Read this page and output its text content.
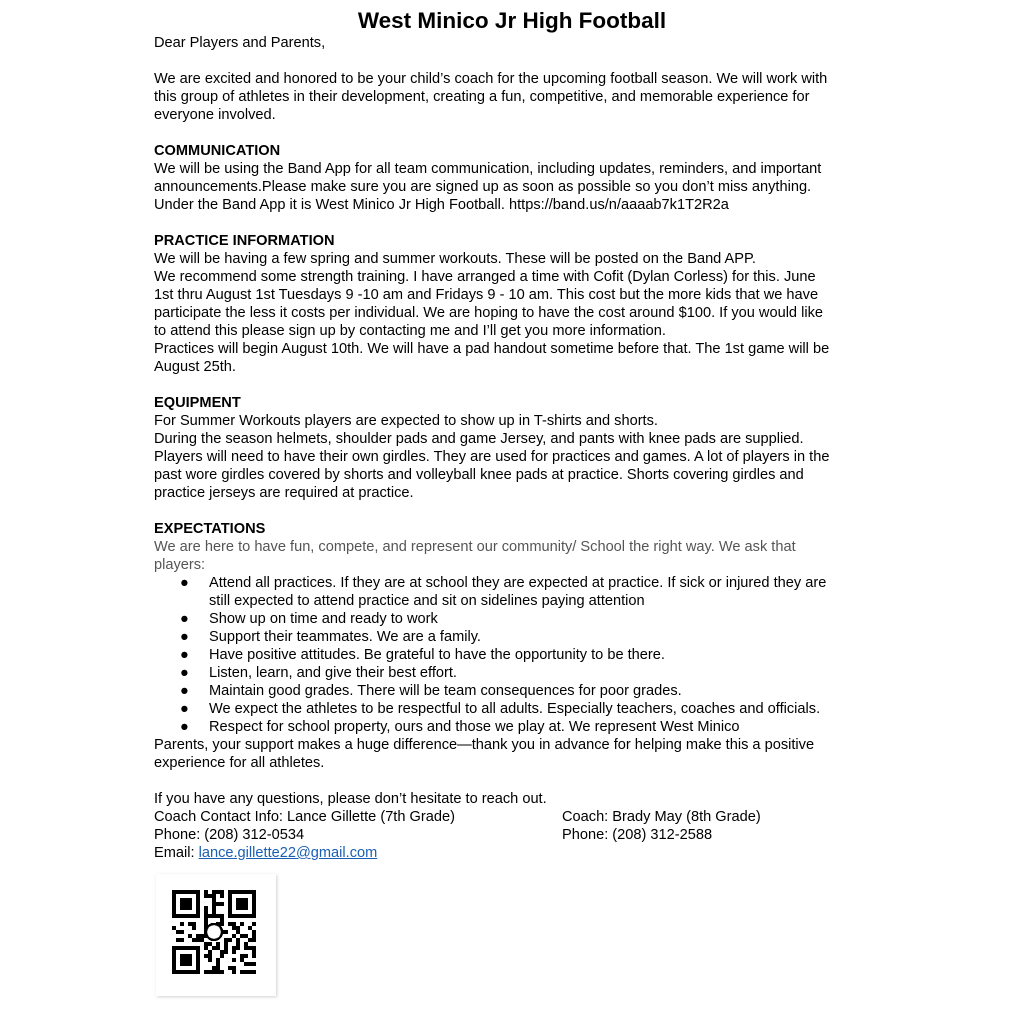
West Minico Jr High Football

Dear Players and Parents,

We are excited and honored to be your child’s coach for the upcoming football season. We will work with

this group of athletes in their development, creating a fun, competitive, and memorable experience for

everyone involved.

COMMUNICATION

We will be using the Band App for all team communication, including updates, reminders, and important

announcements.Please make sure you are signed up as soon as possible so you don’t miss anything.

Under the Band App it is West Minico Jr High Football. https://band.us/n/aaaab7k1T2R2a

PRACTICE INFORMATION

We will be having a few spring and summer workouts. These will be posted on the Band APP.

We recommend some strength training. I have arranged a time with Cofit (Dylan Corless) for this. June

1st thru August 1st Tuesdays 9 -10 am and Fridays 9 - 10 am. This cost but the more kids that we have

participate the less it costs per individual. We are hoping to have the cost around $100. If you would like

to attend this please sign up by contacting me and I’ll get you more information.

Practices will begin August 10th. We will have a pad handout sometime before that. The 1st game will be

August 25th.

EQUIPMENT

For Summer Workouts players are expected to show up in T-shirts and shorts.

During the season helmets, shoulder pads and game Jersey, and pants with knee pads are supplied.

Players will need to have their own girdles. They are used for practices and games. A lot of players in the

past wore girdles covered by shorts and volleyball knee pads at practice. Shorts covering girdles and

practice jerseys are required at practice.

EXPECTATIONS

We are here to have fun, compete, and represent our community/ School the right way. We ask that

players:

● Attend all practices. If they are at school they are expected at practice. If sick or injured they are
still expected to attend practice and sit on sidelines paying attention
● Show up on time and ready to work
● Support their teammates. We are a family.
● Have positive attitudes. Be grateful to have the opportunity to be there.
● Listen, learn, and give their best effort.
● Maintain good grades. There will be team consequences for poor grades.
● We expect the athletes to be respectful to all adults. Especially teachers, coaches and officials.
● Respect for school property, ours and those we play at. We represent West Minico

Parents, your support makes a huge difference—thank you in advance for helping make this a positive

experience for all athletes.

If you have any questions, please don’t hesitate to reach out.

Coach Contact Info: Lance Gillette (7th Grade)	Coach: Brady May (8th Grade)
Phone: (208) 312-0534	Phone: (208) 312-2588

Email: lance.gillette22@gmail.com
